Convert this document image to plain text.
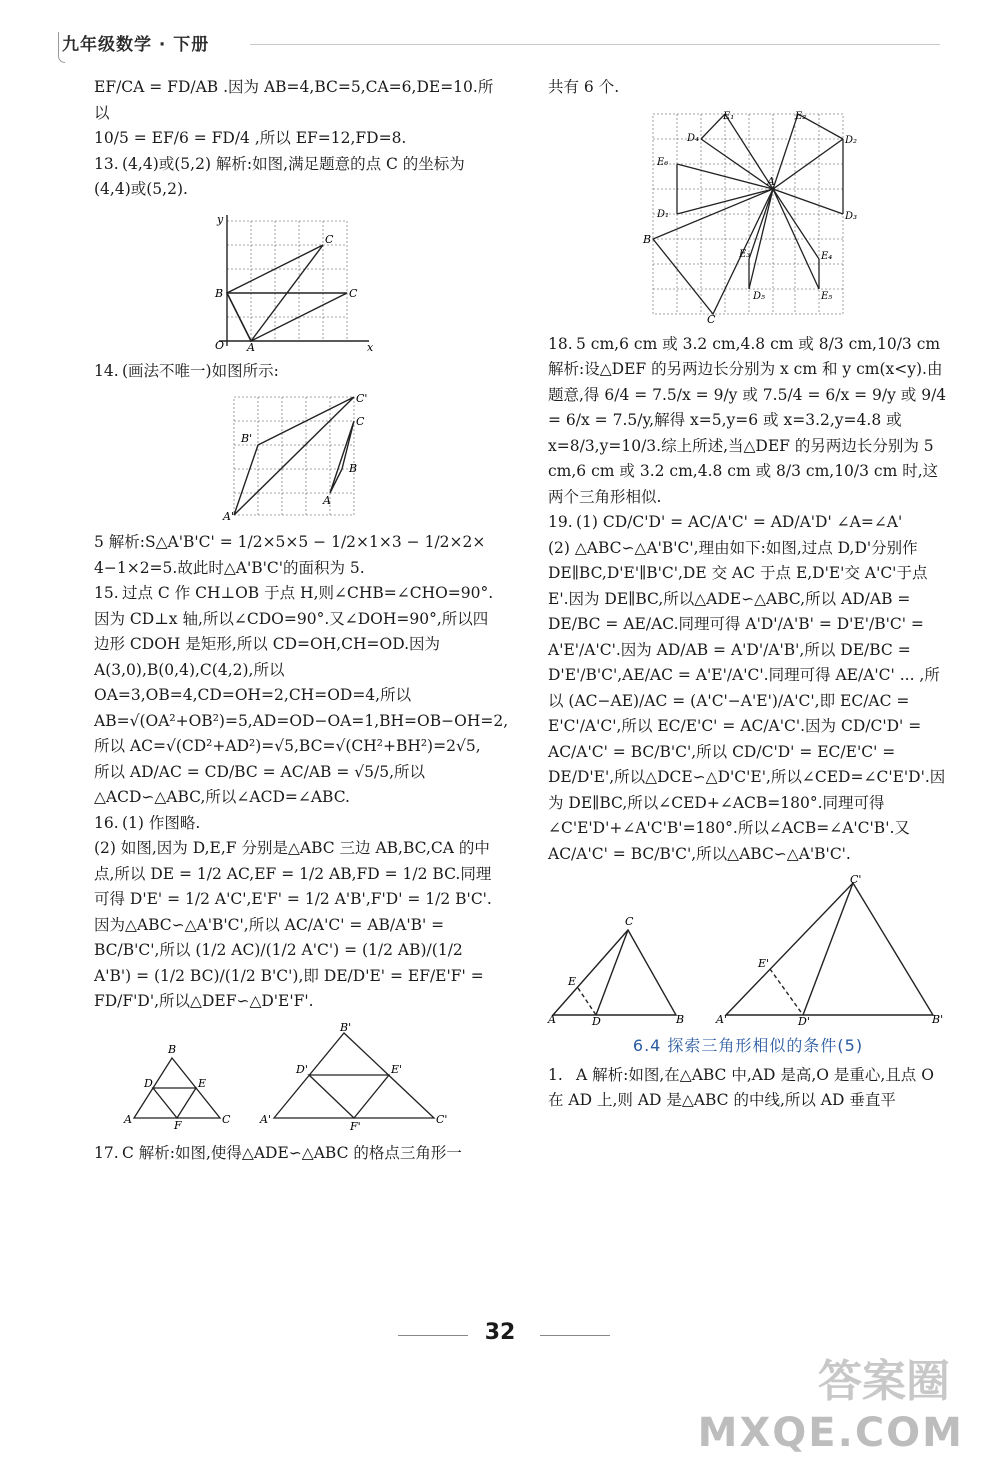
九年级数学 · 下册

EF/CA = FD/AB .因为 AB=4,BC=5,CA=6,DE=10.所以

10/5 = EF/6 = FD/4 ,所以 EF=12,FD=8.

13. (4,4)或(5,2) 解析:如图,满足题意的点 C 的坐标为 (4,4)或(5,2).

y
B
C
C
O A	x

14. (画法不唯一)如图所示:

A'
B'
C'
C
B
A

5 解析:S△A'B'C' = 1/2×5×5 − 1/2×1×3 − 1/2×2× 4−1×2=5.故此时△A'B'C'的面积为 5.

15. 过点 C 作 CH⊥OB 于点 H,则∠CHB=∠CHO=90°.因为 CD⊥x 轴,所以∠CDO=90°.又∠DOH=90°,所以四边形 CDOH 是矩形,所以 CD=OH,CH=OD.因为 A(3,0),B(0,4),C(4,2),所以 OA=3,OB=4,CD=OH=2,CH=OD=4,所以 AB=√(OA²+OB²)=5,AD=OD−OA=1,BH=OB−OH=2,所以 AC=√(CD²+AD²)=√5,BC=√(CH²+BH²)=2√5,所以 AD/AC = CD/BC = AC/AB = √5/5,所以△ACD∽△ABC,所以∠ACD=∠ABC.

16. (1) 作图略.

(2) 如图,因为 D,E,F 分别是△ABC 三边 AB,BC,CA 的中点,所以 DE = 1/2 AC,EF = 1/2 AB,FD = 1/2 BC.同理可得 D'E' = 1/2 A'C',E'F' = 1/2 A'B',F'D' = 1/2 B'C'.因为△ABC∽△A'B'C',所以 AC/A'C' = AB/A'B' = BC/B'C',所以 (1/2 AC)/(1/2 A'C') = (1/2 AB)/(1/2 A'B') = (1/2 BC)/(1/2 B'C'),即 DE/D'E' = EF/E'F' = FD/F'D',所以△DEF∽△D'E'F'.

A
B
C
D	E
F	A'
B'
C'
D'	E'
F'

17. C 解析:如图,使得△ADE∽△ABC 的格点三角形一

共有 6 个.

A
B
C
E₁	E₂
D₄	D₂
E₆
D₁	D₃
E₃	E₄
D₅	E₅

18. 5 cm,6 cm 或 3.2 cm,4.8 cm 或 8/3 cm,10/3 cm 解析:设△DEF 的另两边长分别为 x cm 和 y cm(x<y).由题意,得 6/4 = 7.5/x = 9/y 或 7.5/4 = 6/x = 9/y 或 9/4 = 6/x = 7.5/y,解得 x=5,y=6 或 x=3.2,y=4.8 或 x=8/3,y=10/3.综上所述,当△DEF 的另两边长分别为 5 cm,6 cm 或 3.2 cm,4.8 cm 或 8/3 cm,10/3 cm 时,这两个三角形相似.

19. (1) CD/C'D' = AC/A'C' = AD/A'D' ∠A=∠A'

(2) △ABC∽△A'B'C',理由如下:如图,过点 D,D'分别作 DE∥BC,D'E'∥B'C',DE 交 AC 于点 E,D'E'交 A'C'于点 E'.因为 DE∥BC,所以△ADE∽△ABC,所以 AD/AB = DE/BC = AE/AC.同理可得 A'D'/A'B' = D'E'/B'C' = A'E'/A'C'.因为 AD/AB = A'D'/A'B',所以 DE/BC = D'E'/B'C',AE/AC = A'E'/A'C'.同理可得 AE/A'C' ... ,所以 (AC−AE)/AC = (A'C'−A'E')/A'C',即 EC/AC = E'C'/A'C',所以 EC/E'C' = AC/A'C'.因为 CD/C'D' = AC/A'C' = BC/B'C',所以 CD/C'D' = EC/E'C' = DE/D'E',所以△DCE∽△D'C'E',所以∠CED=∠C'E'D'.因为 DE∥BC,所以∠CED+∠ACB=180°.同理可得∠C'E'D'+∠A'C'B'=180°.所以∠ACB=∠A'C'B'.又 AC/A'C' = BC/B'C',所以△ABC∽△A'B'C'.

A
C
B
E
D	A'
C'
B'
E'
D'
6.4 探索三角形相似的条件(5)

1. A 解析:如图,在△ABC 中,AD 是高,O 是重心,且点 O 在 AD 上,则 AD 是△ABC 的中线,所以 AD 垂直平

32
答案圈
MXQE.COM
